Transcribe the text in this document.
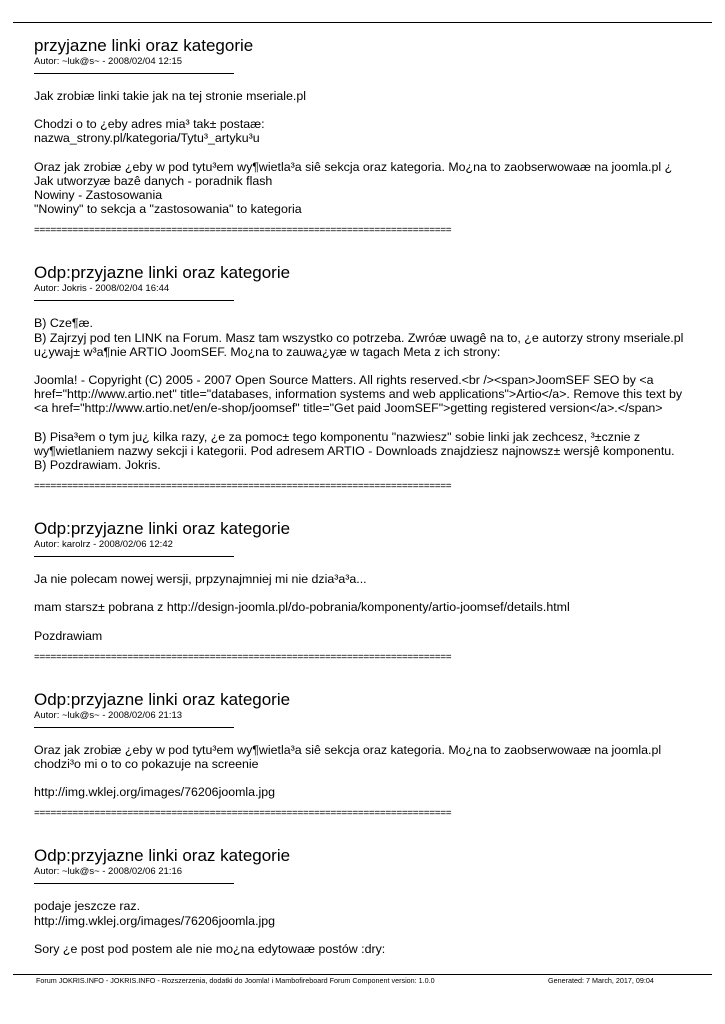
przyjazne linki oraz kategorie
Autor: ~luk@s~ - 2008/02/04 12:15

Jak zrobiæ linki takie jak na tej stronie mseriale.pl

Chodzi o to ¿eby adres mia³ tak± postaæ:
nazwa_strony.pl/kategoria/Tytu³_artyku³u

Oraz jak zrobiæ ¿eby w pod tytu³em wy¶wietla³a siê sekcja oraz kategoria. Mo¿na to zaobserwowaæ na joomla.pl ¿
Jak utworzyæ bazê danych - poradnik flash
Nowiny - Zastosowania
"Nowiny" to sekcja a "zastosowania" to kategoria

============================================================================
Odp:przyjazne linki oraz kategorie
Autor: Jokris - 2008/02/04 16:44

B) Cze¶æ.
B) Zajrzyj pod ten LINK na Forum. Masz tam wszystko co potrzeba. Zwróæ uwagê na to, ¿e autorzy strony mseriale.pl u¿ywaj± w³a¶nie ARTIO JoomSEF. Mo¿na to zauwa¿yæ w tagach Meta z ich strony:

Joomla! - Copyright (C) 2005 - 2007 Open Source Matters. All rights reserved.<br /><span>JoomSEF SEO by <a href="http://www.artio.net" title="databases, information systems and web applications">Artio</a>. Remove this text by <a href="http://www.artio.net/en/e-shop/joomsef" title="Get paid JoomSEF">getting registered version</a>.</span>

B) Pisa³em o tym ju¿ kilka razy, ¿e za pomoc± tego komponentu "nazwiesz" sobie linki jak zechcesz, ³±cznie z wy¶wietlaniem nazwy sekcji i kategorii. Pod adresem ARTIO - Downloads znajdziesz najnowsz± wersjê komponentu.
B) Pozdrawiam. Jokris.

============================================================================
Odp:przyjazne linki oraz kategorie
Autor: karolrz - 2008/02/06 12:42

Ja nie polecam nowej wersji, prpzynajmniej mi nie dzia³a³a...

mam starsz± pobrana z http://design-joomla.pl/do-pobrania/komponenty/artio-joomsef/details.html

Pozdrawiam

============================================================================
Odp:przyjazne linki oraz kategorie
Autor: ~luk@s~ - 2008/02/06 21:13

Oraz jak zrobiæ ¿eby w pod tytu³em wy¶wietla³a siê sekcja oraz kategoria. Mo¿na to zaobserwowaæ na joomla.pl
chodzi³o mi o to co pokazuje na screenie

http://img.wklej.org/images/76206joomla.jpg

============================================================================
Odp:przyjazne linki oraz kategorie
Autor: ~luk@s~ - 2008/02/06 21:16

podaje jeszcze raz.
http://img.wklej.org/images/76206joomla.jpg

Sory ¿e post pod postem ale nie mo¿na edytowaæ postów :dry:

Forum JOKRIS.INFO - JOKRIS.INFO - Rozszerzenia, dodatki do Joomla! i Mambofireboard Forum Component version: 1.0.0	Generated: 7 March, 2017, 09:04
